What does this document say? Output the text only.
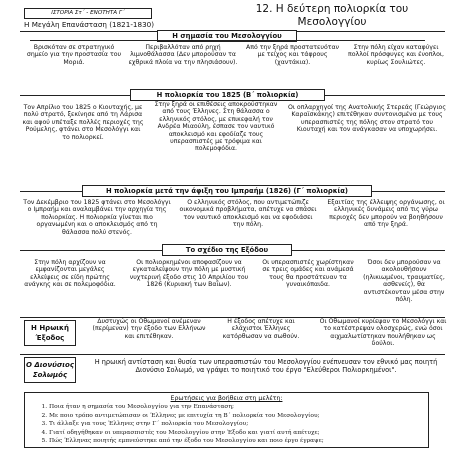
ΙΣΤΟΡΙΑ Στ΄ - ΕΝΟΤΗΤΑ Γ΄	12. Η δεύτερη πολιορκία του
Μεσολογγίου
Η Μεγάλη Επανάσταση (1821-1830)
Η σημασία του Μεσολογγίου
Βρισκόταν σε στρατηγικό σημείο για την προστασία του Μοριά.
Περιβαλλόταν από ρηχή λιμνοθάλασσα (Δεν μπορούσαν τα εχθρικά πλοία να την πλησιάσουν).
Από την ξηρά προστατευόταν με τείχος και τάφρους (χαντάκια).
Στην πόλη είχαν καταφύγει πολλοί πρόσφυγες και ένοπλοι, κυρίως Σουλιώτες.
Η πολιορκία του 1825 (Β΄ πολιορκία)
Τον Απρίλιο του 1825 ο Κιουταχής, με πολύ στρατό, ξεκίνησε από τη Λάρισα και αφού υπέταξε πολλές περιοχές της Ρούμελης, φτάνει στο Μεσολόγγι και το πολιορκεί.
Στην ξηρά οι επιθέσεις αποκρούστηκαν από τους Έλληνες. Στη θάλασσα ο ελληνικός στόλος, με επικεφαλή τον Ανδρέα Μιαούλη, έσπασε τον ναυτικό αποκλεισμό και εφοδίαζε τους υπερασπιστές με τρόφιμα και πολεμοφόδια.
Οι οπλαρχηγοί της Ανατολικής Στερεάς (Γεώργιος Καραϊσκάκης) επιτέθηκαν συντονισμένα με τους υπερασπιστές της πόλης στον στρατό του Κιουταχή και τον ανάγκασαν να υποχωρήσει.
Η πολιορκία μετά την άφιξη του Ιμπραήμ (1826) (Γ΄ πολιορκία)
Τον Δεκέμβριο του 1825 φτάνει στο Μεσολόγγι ο Ιμπραήμ και αναλαμβάνει την αρχηγία της πολιορκίας. Η πολιορκία γίνεται πιο οργανωμένη και ο αποκλεισμός από τη θάλασσα πολύ στενός.
Ο ελληνικός στόλος, που αντιμετώπιζε οικονομικά προβλήματα, απέτυχε να σπάσει τον ναυτικό αποκλεισμό και να εφοδιάσει την πόλη.
Εξαιτίας της έλλειψης οργάνωσης, οι ελληνικές δυνάμεις από τις γύρω περιοχές δεν μπορούν να βοηθήσουν από την ξηρά.
Το σχέδιο της Εξόδου
Στην πόλη αρχίζουν να εμφανίζονται μεγάλες ελλείψεις σε είδη πρώτης ανάγκης και σε πολεμοφόδια.
Οι πολιορκημένοι αποφασίζουν να εγκαταλείψουν την πόλη με μυστική νυχτερινή έξοδο στις 10 Απριλίου του 1826 (Κυριακή των Βαΐων).
Οι υπερασπιστές χωρίστηκαν σε τρεις ομάδες και ανάμεσά τους θα προστάτευαν τα γυναικόπαιδα.
Όσοι δεν μπορούσαν να ακολουθήσουν (ηλικιωμένοι, τραυματίες, ασθενείς), θα αντιστέκονταν μέσα στην πόλη.
Η Ηρωική
Έξοδος
Δυστυχώς οι Οθωμανοί ανέμεναν (περίμεναν) την έξοδο των Ελλήνων και επιτέθηκαν.
Η έξοδος απέτυχε και ελάχιστοι Έλληνες κατόρθωσαν να σωθούν.
Οι Οθωμανοί κυρίεψαν το Μεσολόγγι και το κατέστρεψαν ολοσχερώς, ενώ όσοι αιχμαλωτίστηκαν πουλήθηκαν ως δούλοι.
Ο Διονύσιος
Σολωμός
Η ηρωική αντίσταση και θυσία των υπερασπιστών του Μεσολογγίου ενέπνευσαν τον εθνικό μας ποιητή Διονύσιο Σολωμό, να γράψει το ποιητικό του έργο "Ελεύθεροι Πολιορκημένοι".
Ερωτήσεις για βοήθεια στη μελέτη:
1. Ποια ήταν η σημασία του Μεσολογγίου για την Επανάσταση;
2. Με ποιο τρόπο αντιμετώπισαν οι Έλληνες με επιτυχία τη Β΄ πολιορκία του Μεσολογγίου;
3. Τι άλλαξε για τους Έλληνες στην Γ΄ πολιορκία του Μεσολογγίου;
4. Γιατί οδηγήθηκαν οι υπερασπιστές του Μεσολογγίου στην Έξοδο και γιατί αυτή απέτυχε;
5. Πώς Έλληνας ποιητής εμπνεύστηκε από την έξοδο του Μεσολογγίου και ποιο έργο έγραψε;
